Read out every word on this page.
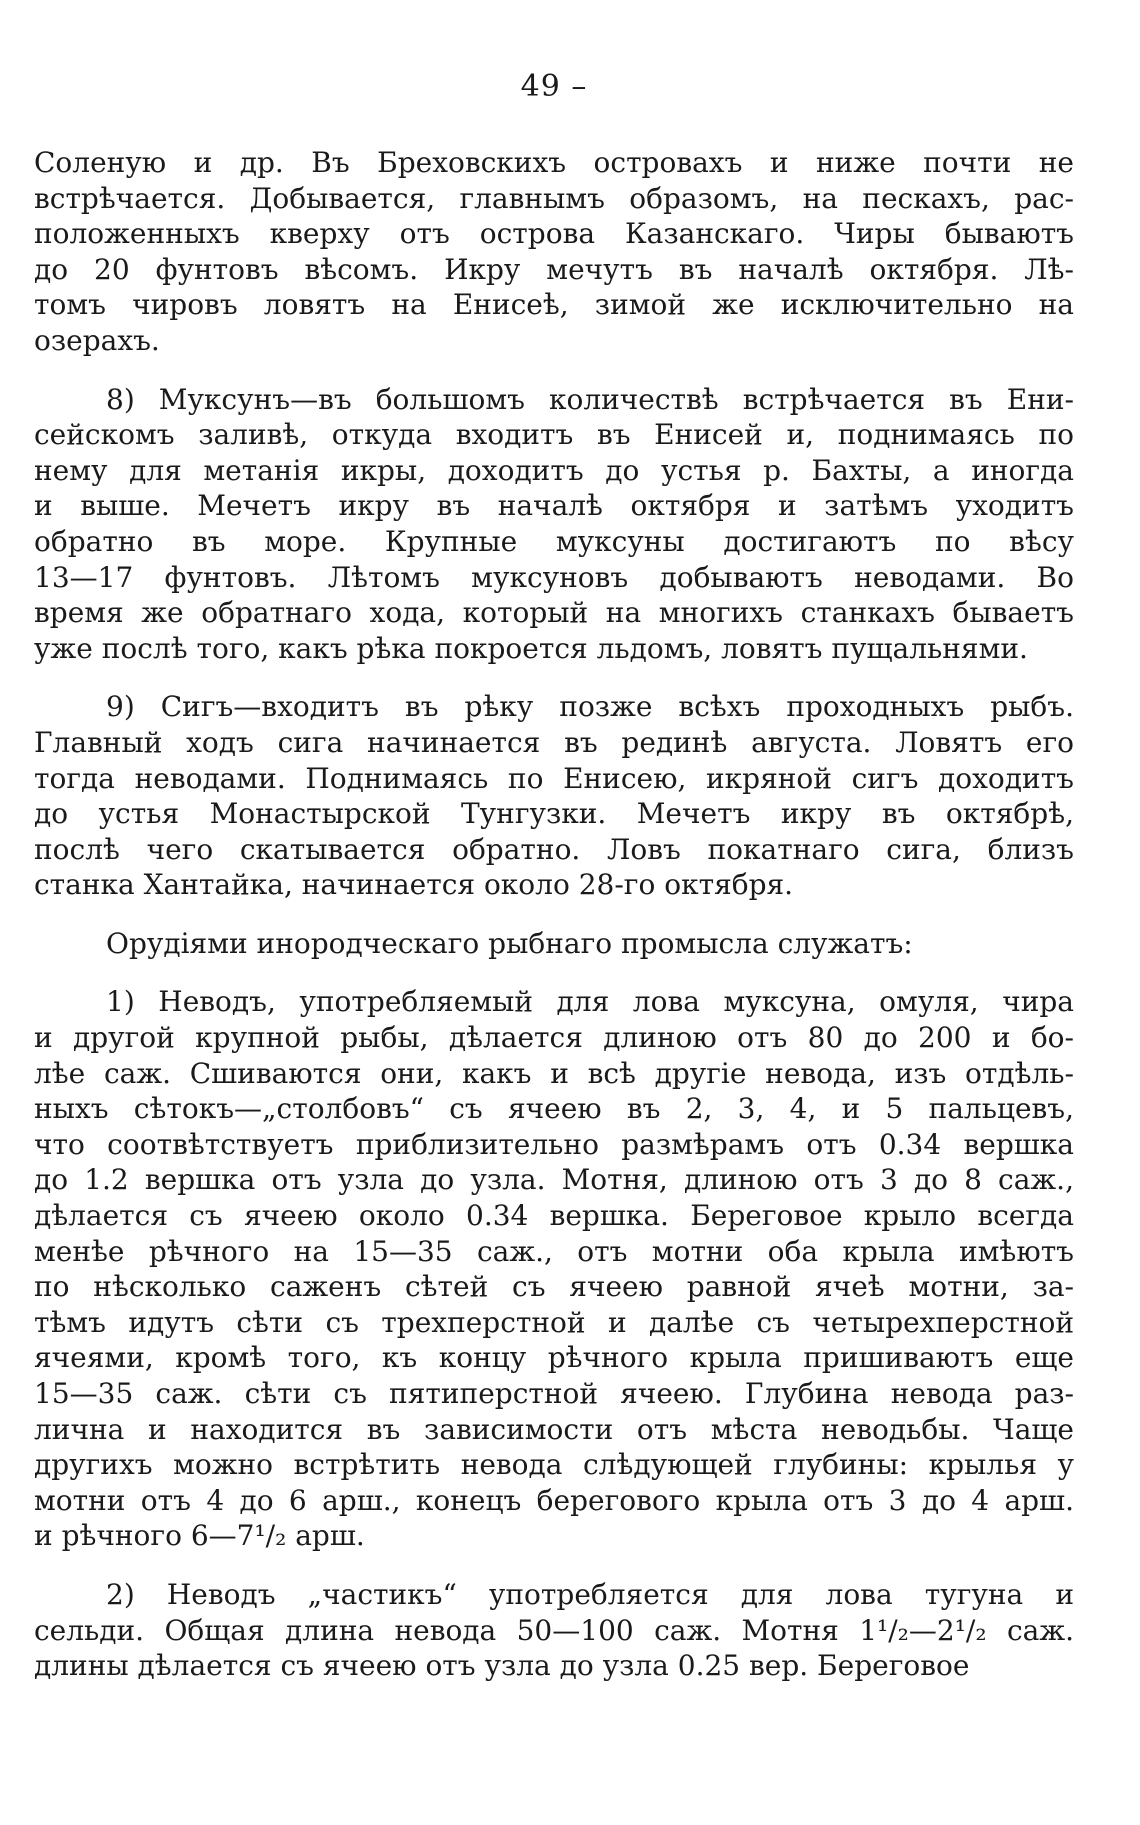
49 –
Соленую и др. Въ Бреховскихъ островахъ и ниже почти не
встрѣчается. Добывается, главнымъ образомъ, на пескахъ, рас-
положенныхъ кверху отъ острова Казанскаго. Чиры бываютъ
до 20 фунтовъ вѣсомъ. Икру мечутъ въ началѣ октября. Лѣ-
томъ чировъ ловятъ на Енисеѣ, зимой же исключительно на
озерахъ.
8) Муксунъ—въ большомъ количествѣ встрѣчается въ Ени-
сейскомъ заливѣ, откуда входитъ въ Енисей и, поднимаясь по
нему для метанія икры, доходитъ до устья р. Бахты, а иногда
и выше. Мечетъ икру въ началѣ октября и затѣмъ уходитъ
обратно въ море. Крупные муксуны достигаютъ по вѣсу
13—17 фунтовъ. Лѣтомъ муксуновъ добываютъ неводами. Во
время же обратнаго хода, который на многихъ станкахъ бываетъ
уже послѣ того, какъ рѣка покроется льдомъ, ловятъ пущальнями.
9) Сигъ—входитъ въ рѣку позже всѣхъ проходныхъ рыбъ.
Главный ходъ сига начинается въ рединѣ августа. Ловятъ его
тогда неводами. Поднимаясь по Енисею, икряной сигъ доходитъ
до устья Монастырской Тунгузки. Мечетъ икру въ октябрѣ,
послѣ чего скатывается обратно. Ловъ покатнаго сига, близъ
станка Хантайка, начинается около 28-го октября.
Орудіями инородческаго рыбнаго промысла служатъ:
1) Неводъ, употребляемый для лова муксуна, омуля, чира
и другой крупной рыбы, дѣлается длиною отъ 80 до 200 и бо-
лѣе саж. Сшиваются они, какъ и всѣ другіе невода, изъ отдѣль-
ныхъ сѣтокъ—„столбовъ“ съ ячеею въ 2, 3, 4, и 5 пальцевъ,
что соотвѣтствуетъ приблизительно размѣрамъ отъ 0.34 вершка
до 1.2 вершка отъ узла до узла. Мотня, длиною отъ 3 до 8 саж.,
дѣлается съ ячеею около 0.34 вершка. Береговое крыло всегда
менѣе рѣчного на 15—35 саж., отъ мотни оба крыла имѣютъ
по нѣсколько саженъ сѣтей съ ячеею равной ячеѣ мотни, за-
тѣмъ идутъ сѣти съ трехперстной и далѣе съ четырехперстной
ячеями, кромѣ того, къ концу рѣчного крыла пришиваютъ еще
15—35 саж. сѣти съ пятиперстной ячеею. Глубина невода раз-
лична и находится въ зависимости отъ мѣста неводьбы. Чаще
другихъ можно встрѣтить невода слѣдующей глубины: крылья у
мотни отъ 4 до 6 арш., конецъ берегового крыла отъ 3 до 4 арш.
и рѣчного 6—7¹/₂ арш.
2) Неводъ „частикъ“ употребляется для лова тугуна и
сельди. Общая длина невода 50—100 саж. Мотня 1¹/₂—2¹/₂ саж.
длины дѣлается съ ячеею отъ узла до узла 0.25 вер. Береговое
